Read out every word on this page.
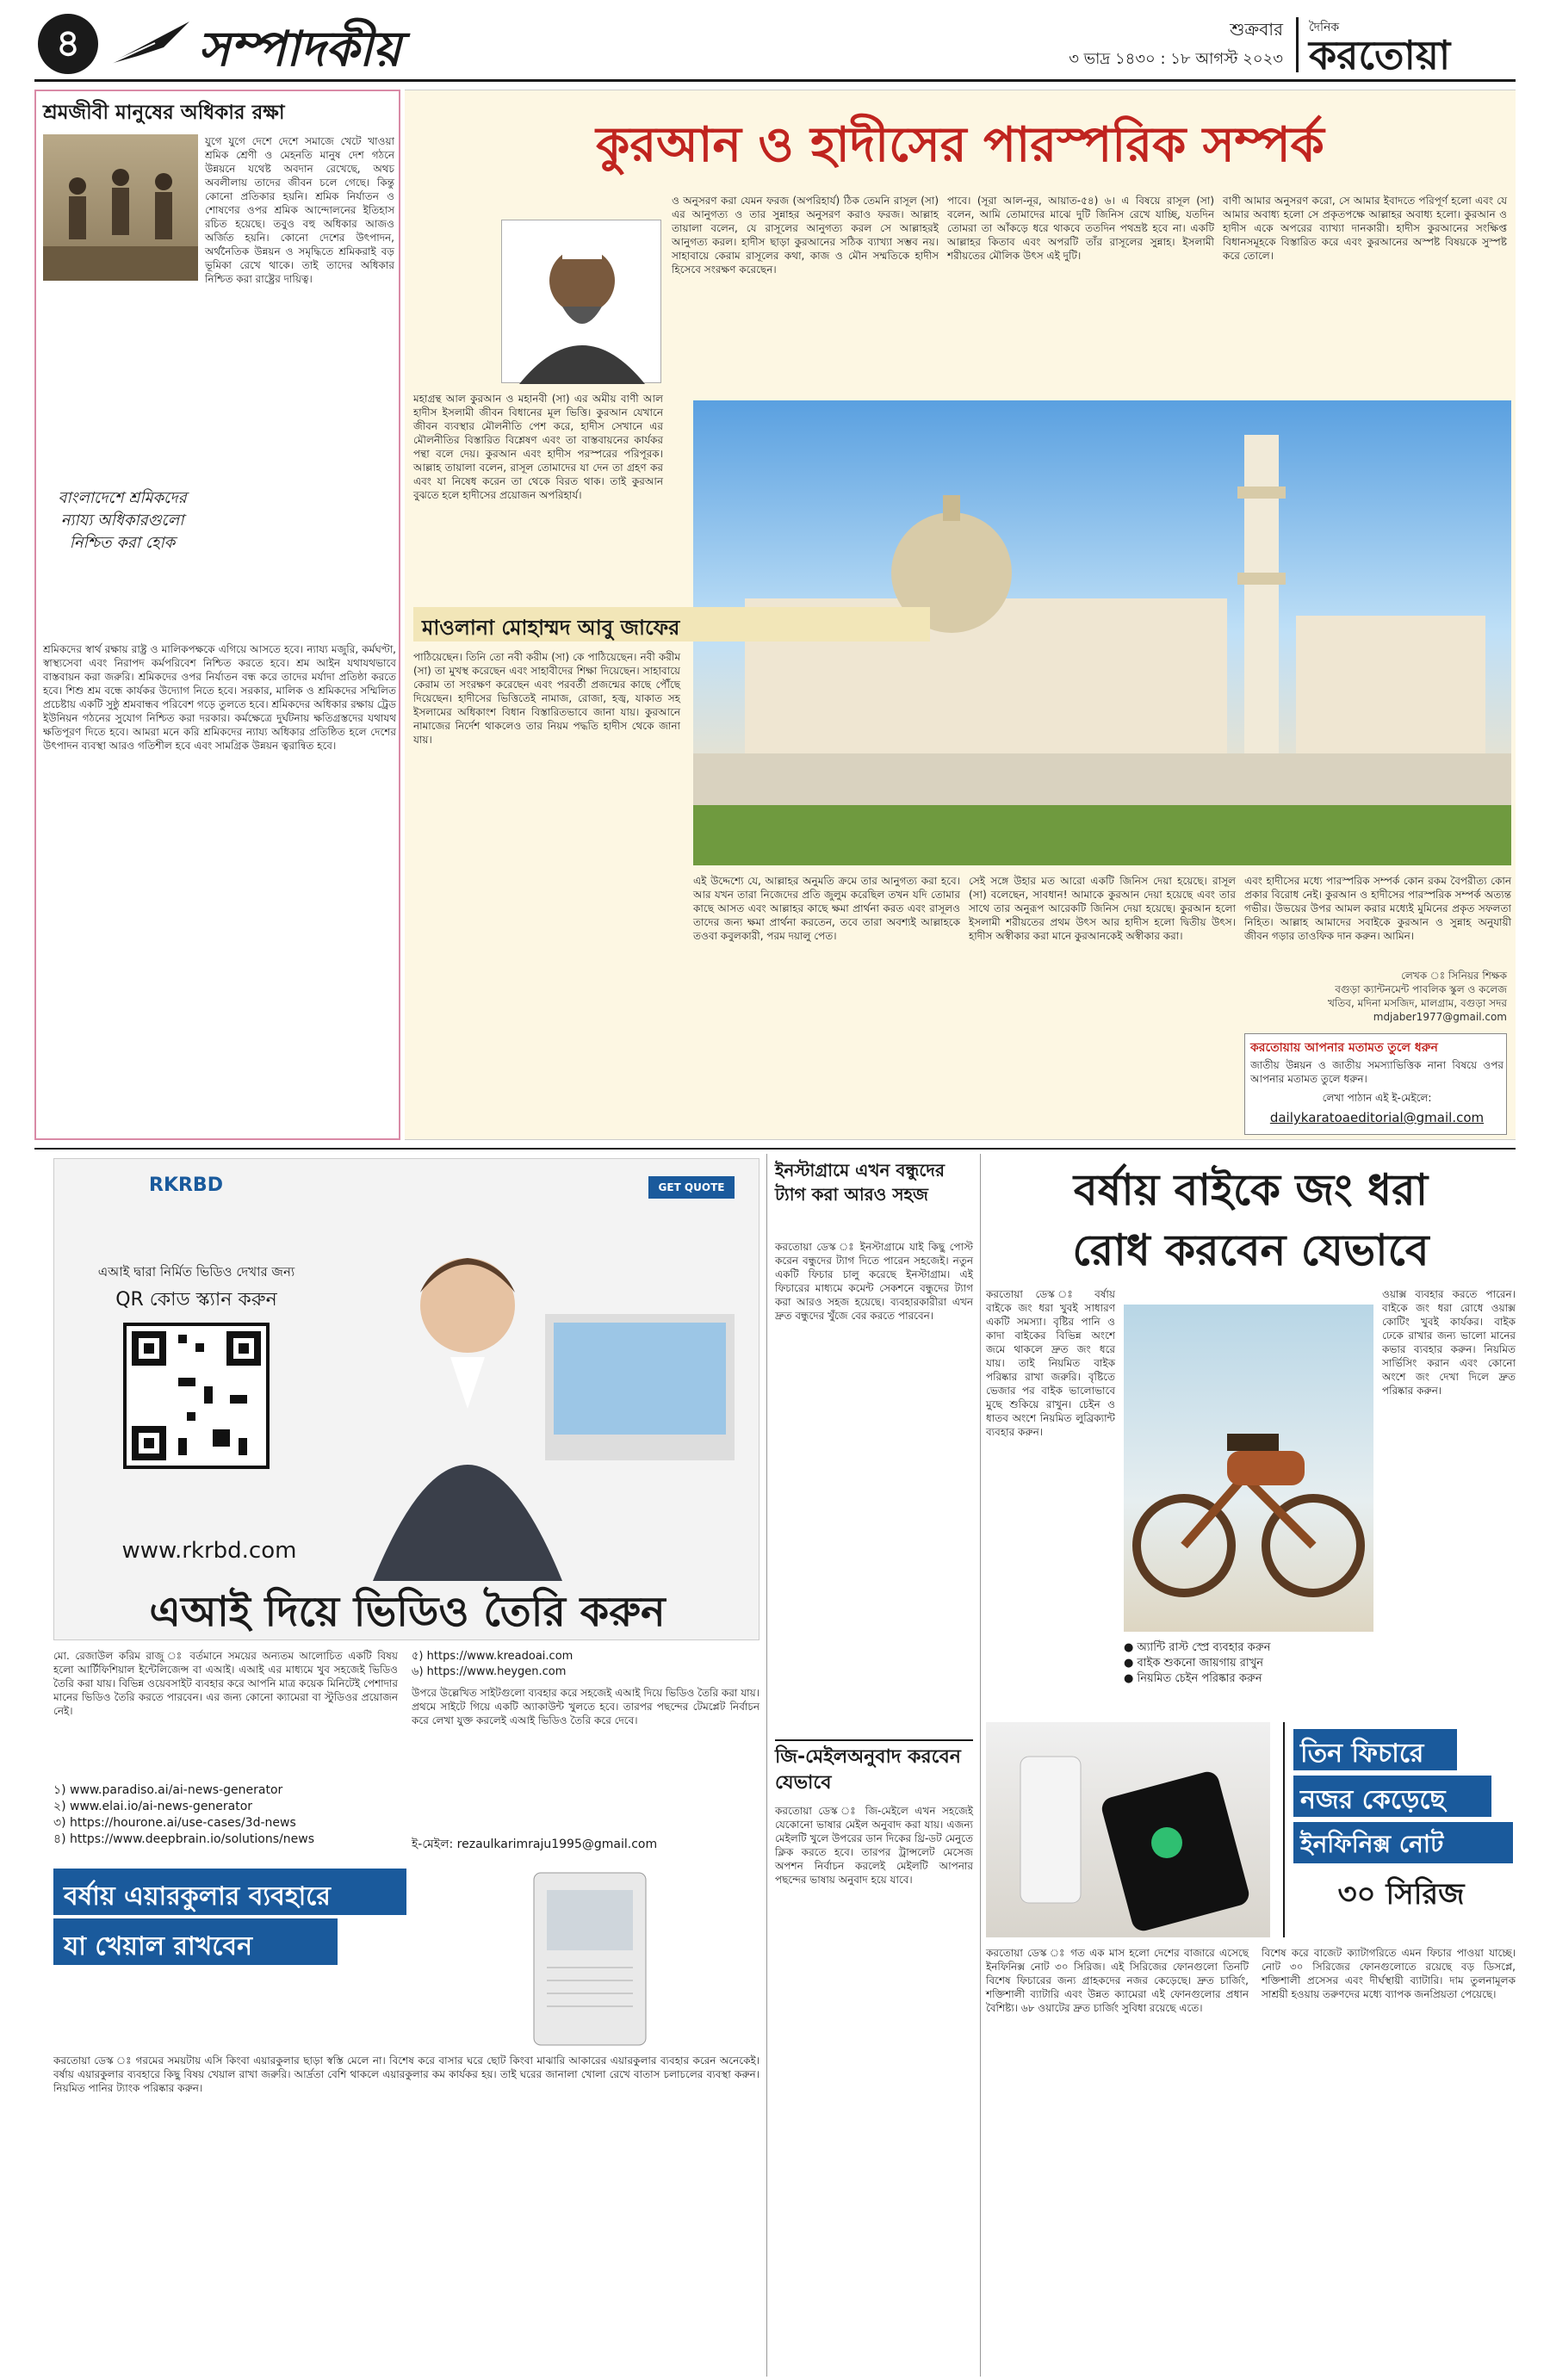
৪	সম্পাদকীয়	শুক্রবার
৩ ভাদ্র ১৪৩০ : ১৮ আগস্ট ২০২৩
দৈনিক
করতোয়া
শ্রমজীবী মানুষের অধিকার রক্ষা
যুগে যুগে দেশে দেশে সমাজে খেটে খাওয়া শ্রমিক শ্রেণী ও মেহনতি মানুষ দেশ গঠনে উন্নয়নে যথেষ্ট অবদান রেখেছে, অথচ অবলীলায় তাদের জীবন চলে গেছে। কিন্তু কোনো প্রতিকার হয়নি। শ্রমিক নির্যাতন ও শোষণের ওপর শ্রমিক আন্দোলনের ইতিহাস রচিত হয়েছে। তবুও বহু অধিকার আজও অর্জিত হয়নি। কোনো দেশের উৎপাদন, অর্থনৈতিক উন্নয়ন ও সমৃদ্ধিতে শ্রমিকরাই বড় ভূমিকা রেখে থাকে। তাই তাদের অধিকার নিশ্চিত করা রাষ্ট্রের দায়িত্ব।
বাংলাদেশে শ্রমিকদের ন্যায্য অধিকারগুলো নিশ্চিত করা হোক
শ্রমিকদের স্বার্থ রক্ষায় রাষ্ট্র ও মালিকপক্ষকে এগিয়ে আসতে হবে। ন্যায্য মজুরি, কর্মঘণ্টা, স্বাস্থ্যসেবা এবং নিরাপদ কর্মপরিবেশ নিশ্চিত করতে হবে। শ্রম আইন যথাযথভাবে বাস্তবায়ন করা জরুরি। শ্রমিকদের ওপর নির্যাতন বন্ধ করে তাদের মর্যাদা প্রতিষ্ঠা করতে হবে। শিশু শ্রম বন্ধে কার্যকর উদ্যোগ নিতে হবে। সরকার, মালিক ও শ্রমিকদের সম্মিলিত প্রচেষ্টায় একটি সুষ্ঠু শ্রমবান্ধব পরিবেশ গড়ে তুলতে হবে। শ্রমিকদের অধিকার রক্ষায় ট্রেড ইউনিয়ন গঠনের সুযোগ নিশ্চিত করা দরকার। কর্মক্ষেত্রে দুর্ঘটনায় ক্ষতিগ্রস্তদের যথাযথ ক্ষতিপূরণ দিতে হবে। আমরা মনে করি শ্রমিকদের ন্যায্য অধিকার প্রতিষ্ঠিত হলে দেশের উৎপাদন ব্যবস্থা আরও গতিশীল হবে এবং সামগ্রিক উন্নয়ন ত্বরান্বিত হবে।
কুরআন ও হাদীসের পারস্পরিক সম্পর্ক
মহাগ্রন্থ আল কুরআন ও মহানবী (সা) এর অমীয় বাণী আল হাদীস ইসলামী জীবন বিধানের মূল ভিত্তি। কুরআন যেখানে জীবন ব্যবস্থার মৌলনীতি পেশ করে, হাদীস সেখানে এর মৌলনীতির বিস্তারিত বিশ্লেষণ এবং তা বাস্তবায়নের কার্যকর পন্থা বলে দেয়। কুরআন এবং হাদীস পরস্পরের পরিপূরক। আল্লাহ তায়ালা বলেন, রাসূল তোমাদের যা দেন তা গ্রহণ কর এবং যা নিষেধ করেন তা থেকে বিরত থাক। তাই কুরআন বুঝতে হলে হাদীসের প্রয়োজন অপরিহার্য।
ও অনুসরণ করা যেমন ফরজ (অপরিহার্য) ঠিক তেমনি রাসূল (সা) এর আনুগত্য ও তার সুন্নাহর অনুসরণ করাও ফরজ। আল্লাহ তায়ালা বলেন, যে রাসূলের আনুগত্য করল সে আল্লাহরই আনুগত্য করল। হাদীস ছাড়া কুরআনের সঠিক ব্যাখ্যা সম্ভব নয়। সাহাবায়ে কেরাম রাসূলের কথা, কাজ ও মৌন সম্মতিকে হাদীস হিসেবে সংরক্ষণ করেছেন।
পাবে। (সূরা আল-নূর, আয়াত-৫৪) ৬। এ বিষয়ে রাসূল (সা) বলেন, আমি তোমাদের মাঝে দুটি জিনিস রেখে যাচ্ছি, যতদিন তোমরা তা আঁকড়ে ধরে থাকবে ততদিন পথভ্রষ্ট হবে না। একটি আল্লাহর কিতাব এবং অপরটি তাঁর রাসূলের সুন্নাহ। ইসলামী শরীয়তের মৌলিক উৎস এই দুটি।
বাণী আমার অনুসরণ করো, সে আমার ইবাদতে পরিপূর্ণ হলো এবং যে আমার অবাধ্য হলো সে প্রকৃতপক্ষে আল্লাহর অবাধ্য হলো। কুরআন ও হাদীস একে অপরের ব্যাখ্যা দানকারী। হাদীস কুরআনের সংক্ষিপ্ত বিধানসমূহকে বিস্তারিত করে এবং কুরআনের অস্পষ্ট বিষয়কে সুস্পষ্ট করে তোলে।
মাওলানা মোহাম্মদ আবু জাফের
পাঠিয়েছেন। তিনি তো নবী করীম (সা) কে পাঠিয়েছেন। নবী করীম (সা) তা মুখস্থ করেছেন এবং সাহাবীদের শিক্ষা দিয়েছেন। সাহাবায়ে কেরাম তা সংরক্ষণ করেছেন এবং পরবর্তী প্রজন্মের কাছে পৌঁছে দিয়েছেন। হাদীসের ভিত্তিতেই নামাজ, রোজা, হজ্ব, যাকাত সহ ইসলামের অধিকাংশ বিধান বিস্তারিতভাবে জানা যায়। কুরআনে নামাজের নির্দেশ থাকলেও তার নিয়ম পদ্ধতি হাদীস থেকে জানা যায়।
এই উদ্দেশ্যে যে, আল্লাহর অনুমতি ক্রমে তার আনুগত্য করা হবে। আর যখন তারা নিজেদের প্রতি জুলুম করেছিল তখন যদি তোমার কাছে আসত এবং আল্লাহর কাছে ক্ষমা প্রার্থনা করত এবং রাসূলও তাদের জন্য ক্ষমা প্রার্থনা করতেন, তবে তারা অবশ্যই আল্লাহকে তওবা কবুলকারী, পরম দয়ালু পেত।
সেই সঙ্গে উহার মত আরো একটি জিনিস দেয়া হয়েছে। রাসূল (সা) বলেছেন, সাবধান! আমাকে কুরআন দেয়া হয়েছে এবং তার সাথে তার অনুরূপ আরেকটি জিনিস দেয়া হয়েছে। কুরআন হলো ইসলামী শরীয়তের প্রথম উৎস আর হাদীস হলো দ্বিতীয় উৎস। হাদীস অস্বীকার করা মানে কুরআনকেই অস্বীকার করা।
এবং হাদীসের মধ্যে পারস্পরিক সম্পর্ক কোন রকম বৈপরীত্য কোন প্রকার বিরোধ নেই। কুরআন ও হাদীসের পারস্পরিক সম্পর্ক অত্যন্ত গভীর। উভয়ের উপর আমল করার মধ্যেই মুমিনের প্রকৃত সফলতা নিহিত। আল্লাহ আমাদের সবাইকে কুরআন ও সুন্নাহ অনুযায়ী জীবন গড়ার তাওফিক দান করুন। আমিন।
লেখক ঃ সিনিয়র শিক্ষক
বগুড়া ক্যান্টনমেন্ট পাবলিক স্কুল ও কলেজ
খতিব, মদিনা মসজিদ, মালগ্রাম, বগুড়া সদর
mdjaber1977@gmail.com
করতোয়ায় আপনার মতামত তুলে ধরুন
জাতীয় উন্নয়ন ও জাতীয় সমস্যাভিত্তিক নানা বিষয়ে ওপর আপনার মতামত তুলে ধরুন।
লেখা পাঠান এই ই-মেইলে:
dailykaratoaeditorial@gmail.com
RKRBD	GET QUOTE
এআই দ্বারা নির্মিত ভিডিও দেখার জন্য
QR কোড স্ক্যান করুন
www.rkrbd.com
এআই দিয়ে ভিডিও তৈরি করুন
মো. রেজাউল করিম রাজু ঃ বর্তমানে সময়ের অন্যতম আলোচিত একটি বিষয় হলো আর্টিফিশিয়াল ইন্টেলিজেন্স বা এআই। এআই এর মাধ্যমে খুব সহজেই ভিডিও তৈরি করা যায়। বিভিন্ন ওয়েবসাইট ব্যবহার করে আপনি মাত্র কয়েক মিনিটেই পেশাদার মানের ভিডিও তৈরি করতে পারবেন। এর জন্য কোনো ক্যামেরা বা স্টুডিওর প্রয়োজন নেই।
১) www.paradiso.ai/ai-news-generator
২) www.elai.io/ai-news-generator
৩) https://hourone.ai/use-cases/3d-news
৪) https://www.deepbrain.io/solutions/news
৫) https://www.kreadoai.com
৬) https://www.heygen.com
উপরে উল্লেখিত সাইটগুলো ব্যবহার করে সহজেই এআই দিয়ে ভিডিও তৈরি করা যায়। প্রথমে সাইটে গিয়ে একটি অ্যাকাউন্ট খুলতে হবে। তারপর পছন্দের টেমপ্লেট নির্বাচন করে লেখা যুক্ত করলেই এআই ভিডিও তৈরি করে দেবে।
ই-মেইল: rezaulkarimraju1995@gmail.com
বর্ষায় এয়ারকুলার ব্যবহারে
যা খেয়াল রাখবেন
করতোয়া ডেস্ক ঃ গরমের সময়টায় এসি কিংবা এয়ারকুলার ছাড়া স্বস্তি মেলে না। বিশেষ করে বাসার ঘরে ছোট কিংবা মাঝারি আকারের এয়ারকুলার ব্যবহার করেন অনেকেই। বর্ষায় এয়ারকুলার ব্যবহারে কিছু বিষয় খেয়াল রাখা জরুরি। আর্দ্রতা বেশি থাকলে এয়ারকুলার কম কার্যকর হয়। তাই ঘরের জানালা খোলা রেখে বাতাস চলাচলের ব্যবস্থা করুন। নিয়মিত পানির ট্যাংক পরিষ্কার করুন।
ইনস্টাগ্রামে এখন বন্ধুদের ট্যাগ করা আরও সহজ
করতোয়া ডেস্ক ঃ ইনস্টাগ্রামে যাই কিছু পোস্ট করেন বন্ধুদের ট্যাগ দিতে পারেন সহজেই। নতুন একটি ফিচার চালু করেছে ইনস্টাগ্রাম। এই ফিচারের মাধ্যমে কমেন্ট সেকশনে বন্ধুদের ট্যাগ করা আরও সহজ হয়েছে। ব্যবহারকারীরা এখন দ্রুত বন্ধুদের খুঁজে বের করতে পারবেন।
জি-মেইলঅনুবাদ করবেন যেভাবে
করতোয়া ডেস্ক ঃ জি-মেইলে এখন সহজেই যেকোনো ভাষার মেইল অনুবাদ করা যায়। এজন্য মেইলটি খুলে উপরের ডান দিকের থ্রি-ডট মেনুতে ক্লিক করতে হবে। তারপর ট্রান্সলেট মেসেজ অপশন নির্বাচন করলেই মেইলটি আপনার পছন্দের ভাষায় অনুবাদ হয়ে যাবে।
বর্ষায় বাইকে জং ধরা
রোধ করবেন যেভাবে
করতোয়া ডেস্ক ঃ বর্ষায় বাইকে জং ধরা খুবই সাধারণ একটি সমস্যা। বৃষ্টির পানি ও কাদা বাইকের বিভিন্ন অংশে জমে থাকলে দ্রুত জং ধরে যায়। তাই নিয়মিত বাইক পরিষ্কার রাখা জরুরি। বৃষ্টিতে ভেজার পর বাইক ভালোভাবে মুছে শুকিয়ে রাখুন। চেইন ও ধাতব অংশে নিয়মিত লুব্রিক্যান্ট ব্যবহার করুন।
ওয়াক্স ব্যবহার করতে পারেন। বাইকে জং ধরা রোধে ওয়াক্স কোটিং খুবই কার্যকর। বাইক ঢেকে রাখার জন্য ভালো মানের কভার ব্যবহার করুন। নিয়মিত সার্ভিসিং করান এবং কোনো অংশে জং দেখা দিলে দ্রুত পরিষ্কার করুন।
● অ্যান্টি রাস্ট স্প্রে ব্যবহার করুন
● বাইক শুকনো জায়গায় রাখুন
● নিয়মিত চেইন পরিষ্কার করুন
তিন ফিচারে
নজর কেড়েছে
ইনফিনিক্স নোট
৩০ সিরিজ
করতোয়া ডেস্ক ঃ গত এক মাস হলো দেশের বাজারে এসেছে ইনফিনিক্স নোট ৩০ সিরিজ। এই সিরিজের ফোনগুলো তিনটি বিশেষ ফিচারের জন্য গ্রাহকদের নজর কেড়েছে। দ্রুত চার্জিং, শক্তিশালী ব্যাটারি এবং উন্নত ক্যামেরা এই ফোনগুলোর প্রধান বৈশিষ্ট্য। ৬৮ ওয়াটের দ্রুত চার্জিং সুবিধা রয়েছে এতে।
বিশেষ করে বাজেট ক্যাটাগরিতে এমন ফিচার পাওয়া যাচ্ছে। নোট ৩০ সিরিজের ফোনগুলোতে রয়েছে বড় ডিসপ্লে, শক্তিশালী প্রসেসর এবং দীর্ঘস্থায়ী ব্যাটারি। দাম তুলনামূলক সাশ্রয়ী হওয়ায় তরুণদের মধ্যে ব্যাপক জনপ্রিয়তা পেয়েছে।
